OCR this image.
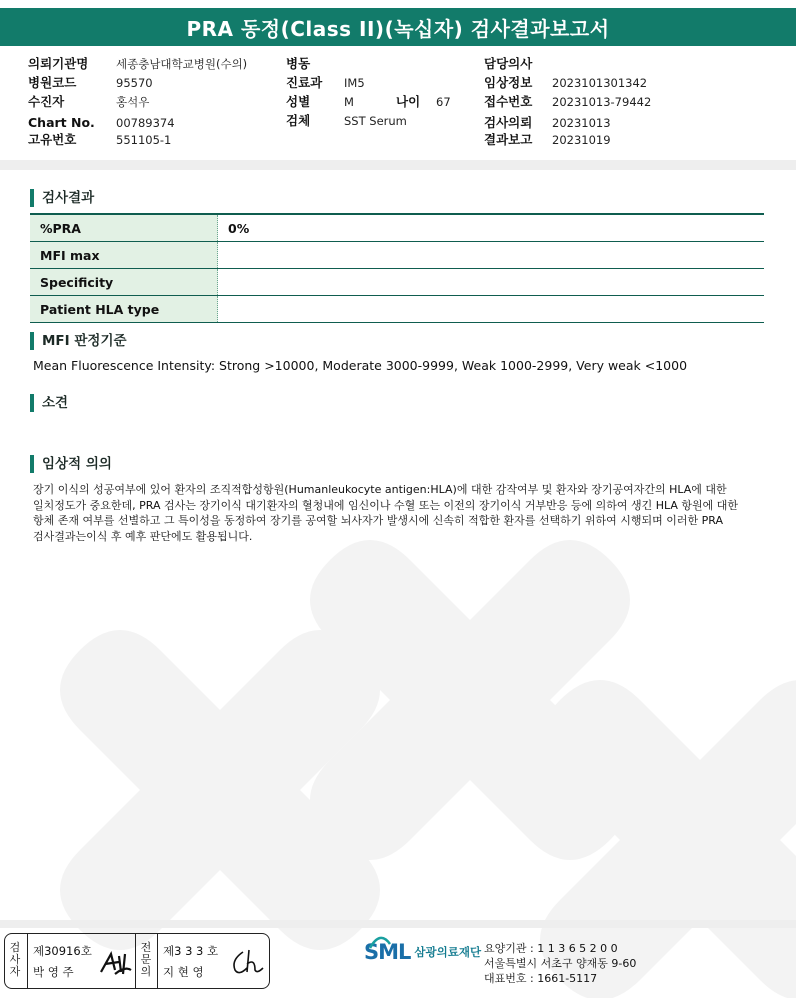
PRA 동정(Class II)(녹십자) 검사결과보고서
의뢰기관명 세종충남대학교병원(수의)
병원코드	95570
수진자	홍석우
Chart No. 00789374
고유번호	551105-1
병동
진료과 IM5
성별	M	나이 67
검체	SST Serum
담당의사
임상정보 2023101301342
접수번호 20231013-79442
검사의뢰 20231013
결과보고 20231019
검사결과
%PRA	0%
MFI max	
Specificity	
Patient HLA type	
MFI 판정기준
Mean Fluorescence Intensity: Strong >10000, Moderate 3000-9999, Weak 1000-2999, Very weak <1000
소견
임상적 의의
장기 이식의 성공여부에 있어 환자의 조직적합성항원(Humanleukocyte antigen:HLA)에 대한 감작여부 및 환자와 장기공여자간의 HLA에 대한
일치정도가 중요한데, PRA 검사는 장기이식 대기환자의 혈청내에 임신이나 수혈 또는 이전의 장기이식 거부반응 등에 의하여 생긴 HLA 항원에 대한
항체 존재 여부를 선별하고 그 특이성을 동정하여 장기를 공여할 뇌사자가 발생시에 신속히 적합한 환자를 선택하기 위하여 시행되며 이러한 PRA
검사결과는이식 후 예후 판단에도 활용됩니다.
검
사
자
제30916호
박 영 주
전
문
의
제3 3 3 호
지 현 영
SML 삼광의료재단 요양기관 : 1 1 3 6 5 2 0 0
서울특별시 서초구 양재동 9-60
대표번호 : 1661-5117
